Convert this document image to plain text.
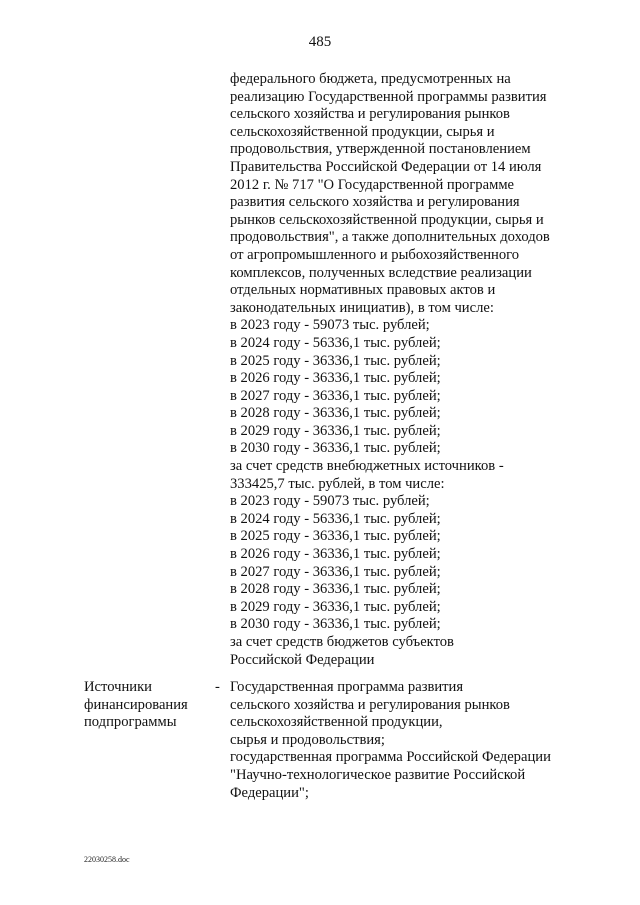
485
федерального бюджета, предусмотренных на
реализацию Государственной программы развития
сельского хозяйства и регулирования рынков
сельскохозяйственной продукции, сырья и
продовольствия, утвержденной постановлением
Правительства Российской Федерации от 14 июля
2012 г. № 717 "О Государственной программе
развития сельского хозяйства и регулирования
рынков сельскохозяйственной продукции, сырья и
продовольствия", а также дополнительных доходов
от агропромышленного и рыбохозяйственного
комплексов, полученных вследствие реализации
отдельных нормативных правовых актов и
законодательных инициатив), в том числе:
в 2023 году - 59073 тыс. рублей;
в 2024 году - 56336,1 тыс. рублей;
в 2025 году - 36336,1 тыс. рублей;
в 2026 году - 36336,1 тыс. рублей;
в 2027 году - 36336,1 тыс. рублей;
в 2028 году - 36336,1 тыс. рублей;
в 2029 году - 36336,1 тыс. рублей;
в 2030 году - 36336,1 тыс. рублей;
за счет средств внебюджетных источников -
333425,7 тыс. рублей, в том числе:
в 2023 году - 59073 тыс. рублей;
в 2024 году - 56336,1 тыс. рублей;
в 2025 году - 36336,1 тыс. рублей;
в 2026 году - 36336,1 тыс. рублей;
в 2027 году - 36336,1 тыс. рублей;
в 2028 году - 36336,1 тыс. рублей;
в 2029 году - 36336,1 тыс. рублей;
в 2030 году - 36336,1 тыс. рублей;
за счет средств бюджетов субъектов
Российской Федерации
Источники
финансирования
подпрограммы
- Государственная программа развития
сельского хозяйства и регулирования рынков
сельскохозяйственной продукции,
сырья и продовольствия;
государственная программа Российской Федерации
"Научно-технологическое развитие Российской
Федерации";
22030258.doc
